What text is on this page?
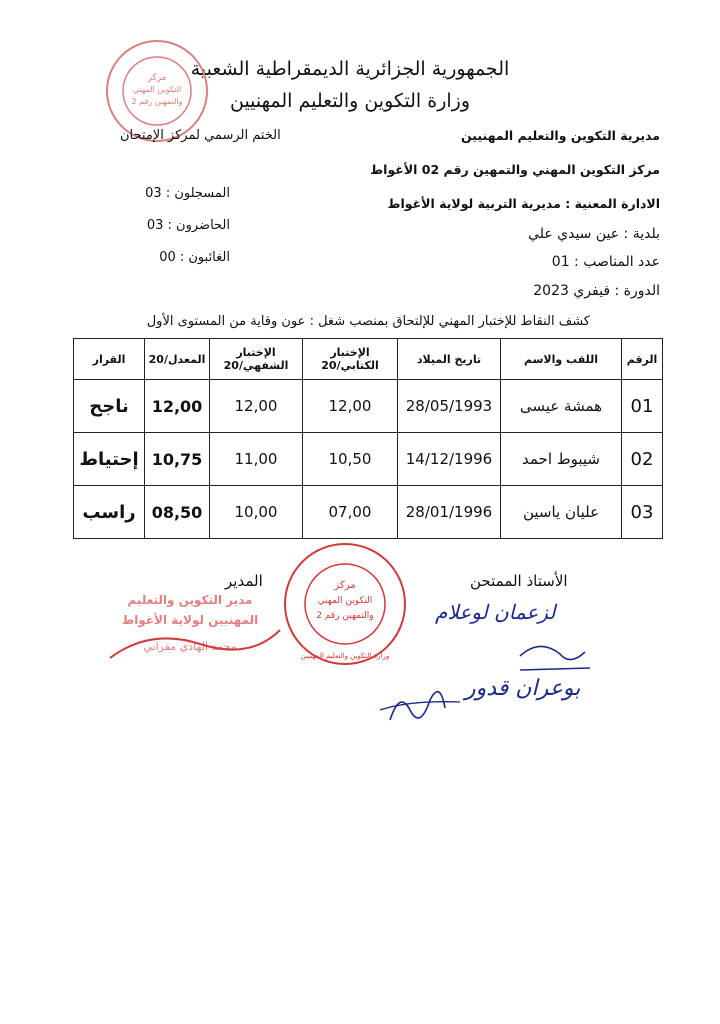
الجمهورية الجزائرية الديمقراطية الشعبية
وزارة التكوين والتعليم المهنيين
مركز
التكوين المهني
والتمهين رقم 2
الختم الرسمي لمركز الإمتحان	مديرية التكوين والتعليم المهنيين
مركز التكوين المهني والتمهين رقم 02 الأغواط
الادارة المعنية : مديرية التربية لولاية الأغواط
بلدية : عين سيدي علي
عدد المناصب : 01
الدورة : فيفري 2023
المسجلون : 03
الحاضرون : 03
الغائبون : 00
كشف النقاط للإختبار المهني للإلتحاق بمنصب شغل : عون وقاية من المستوى الأول
الرقم	اللقب والاسم	تاريخ الميلاد	الإختبار الكتابي/20	الإختبار الشفهي/20	المعدل/20	القرار
01	همشة عيسى	28/05/1993	12,00	12,00	12,00	ناجح
02	شيبوط احمد	14/12/1996	10,50	11,00	10,75	إحتياط
03	عليان ياسين	28/01/1996	07,00	10,00	08,50	راسب
المدير	الأستاذ الممتحن
مدير التكوين والتعليم
المهنيين لولاية الأغواط
محمد الهادي مقراني
مركز
التكوين المهني
والتمهين رقم 2
وزارة التكوين والتعليم المهنيين
لزعمان لوعلام
بوعران قدور
